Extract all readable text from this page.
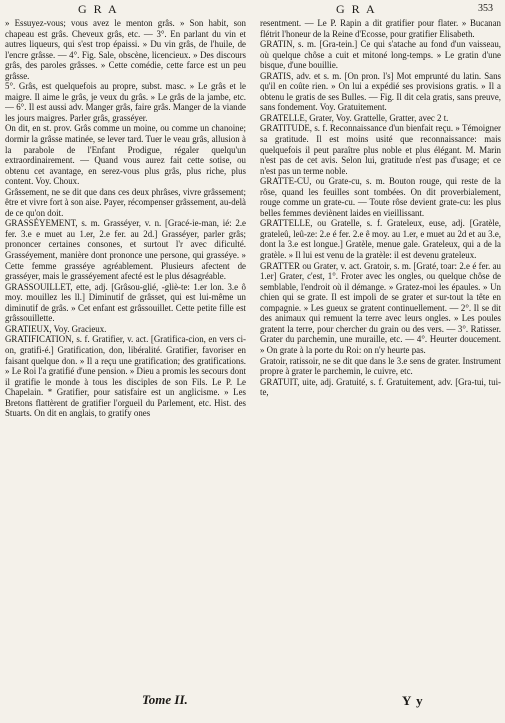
G R A	G R A	353

» Essuyez-vous; vous avez le menton grâs. » Son habit, son chapeau est grâs. Cheveux grâs, etc. — 3°. En parlant du vin et autres liqueurs, qui s'est trop épaissi. » Du vin grâs, de l'huile, de l'encre grâsse. — 4°. Fig. Sale, obscène, licencieux. » Des discours grâs, des paroles grâsses. » Cette comédie, cette farce est un peu grâsse.

5°. Grâs, est quelquefois au propre, subst. masc. » Le grâs et le maigre. Il aime le grâs, je veux du grâs. » Le grâs de la jambe, etc. — 6°. Il est aussi adv. Manger grâs, faire grâs. Manger de la viande les jours maigres. Parler grâs, grasséyer.

On dit, en st. prov. Grâs comme un moine, ou comme un chanoine; dormir la grâsse matinée, se lever tard. Tuer le veau grâs, allusion à la parabole de l'Enfant Prodigue, régaler quelqu'un extraordinairement. — Quand vous aurez fait cette sotise, ou obtenu cet avantage, en serez-vous plus grâs, plus riche, plus content. Voy. Choux.

Grâssement, ne se dit que dans ces deux phrâses, vivre grâssement; être et vivre fort à son aise. Payer, récompenser grâssement, au-delà de ce qu'on doit.

GRASSÉYEMENT, s. m. Grasséyer, v. n. [Gracé-ie-man, ié: 2.e fer. 3.e e muet au 1.er, 2.e fer. au 2d.] Grasséyer, parler grâs; prononcer certaines consones, et surtout l'r avec dificulté. Grasséyement, manière dont prononce une persone, qui grasséye. » Cette femme grasséye agréablement. Plusieurs afectent de grasséyer, mais le grasséyement afecté est le plus désagréable.

GRASSOUILLET, ette, adj. [Grâsou-glié, -gliè-te: 1.er lon. 3.e ô moy. mouillez les ll.] Diminutif de grâsset, qui est lui-même un diminutif de grâs. » Cet enfant est grâssouillet. Cette petite fille est grâssouillette.

GRATIEUX, Voy. Gracieux.

GRATIFICATION, s. f. Gratifier, v. act. [Gratifica-cion, en vers ci-on, gratifi-é.] Gratification, don, libéralité. Gratifier, favoriser en faisant quelque don. » Il a reçu une gratification; des gratifications. » Le Roi l'a gratifié d'une pension. » Dieu a promis les secours dont il gratifie le monde à tous les disciples de son Fils. Le P. Le Chapelain. * Gratifier, pour satisfaire est un anglicisme. » Les Bretons flattèrent de gratifier l'orgueil du Parlement, etc. Hist. des Stuarts. On dit en anglais, to gratify ones

resentment. — Le P. Rapin a dit gratifier pour flater. » Bucanan flétrit l'honeur de la Reine d'Ecosse, pour gratifier Elisabeth.

GRATIN, s. m. [Gra-tein.] Ce qui s'atache au fond d'un vaisseau, où quelque chôse a cuit et mitoné long-temps. » Le gratin d'une bisque, d'une bouillie.

GRATIS, adv. et s. m. [On pron. l's] Mot emprunté du latin. Sans qu'il en coûte rien. » On lui a expédié ses provisions gratis. » Il a obtenu le gratis de ses Bulles. — Fig. Il dit cela gratis, sans preuve, sans fondement. Voy. Gratuitement.

GRATELLE, Grater, Voy. Grattelle, Gratter, avec 2 t.

GRATITUDE, s. f. Reconnaissance d'un bienfait reçu. » Témoigner sa gratitude. Il est moins usité que reconnaissance: mais quelquefois il peut paraître plus noble et plus élégant. M. Marin n'est pas de cet avis. Selon lui, gratitude n'est pas d'usage; et ce n'est pas un terme noble.

GRATTE-CU, ou Grate-cu, s. m. Bouton rouge, qui reste de la rôse, quand les feuilles sont tombées. On dit proverbialement, rouge comme un grate-cu. — Toute rôse devient grate-cu: les plus belles femmes deviènent laides en vieillissant.

GRATTELLE, ou Gratelle, s. f. Grateleux, euse, adj. [Gratèle, grateleû, leû-ze: 2.e é fer. 2.e ê moy. au 1.er, e muet au 2d et au 3.e, dont la 3.e est longue.] Gratèle, menue gale. Grateleux, qui a de la gratèle. » Il lui est venu de la gratèle: il est devenu grateleux.

GRATTER ou Grater, v. act. Gratoir, s. m. [Graté, toar: 2.e é fer. au 1.er] Grater, c'est, 1°. Froter avec les ongles, ou quelque chôse de semblable, l'endroit où il démange. » Gratez-moi les épaules. » Un chien qui se grate. Il est impoli de se grater et sur-tout la tête en compagnie. » Les gueux se gratent continuellement. — 2°. Il se dit des animaux qui remuent la terre avec leurs ongles. » Les poules gratent la terre, pour chercher du grain ou des vers. — 3°. Ratisser. Grater du parchemin, une muraille, etc. — 4°. Heurter doucement. » On grate à la porte du Roi: on n'y heurte pas.

Gratoir, ratissoir, ne se dit que dans le 3.e sens de grater. Instrument propre à grater le parchemin, le cuivre, etc.

GRATUIT, uite, adj. Gratuité, s. f. Gratuitement, adv. [Gra-tui, tui-te,

Tome II.	Y y
